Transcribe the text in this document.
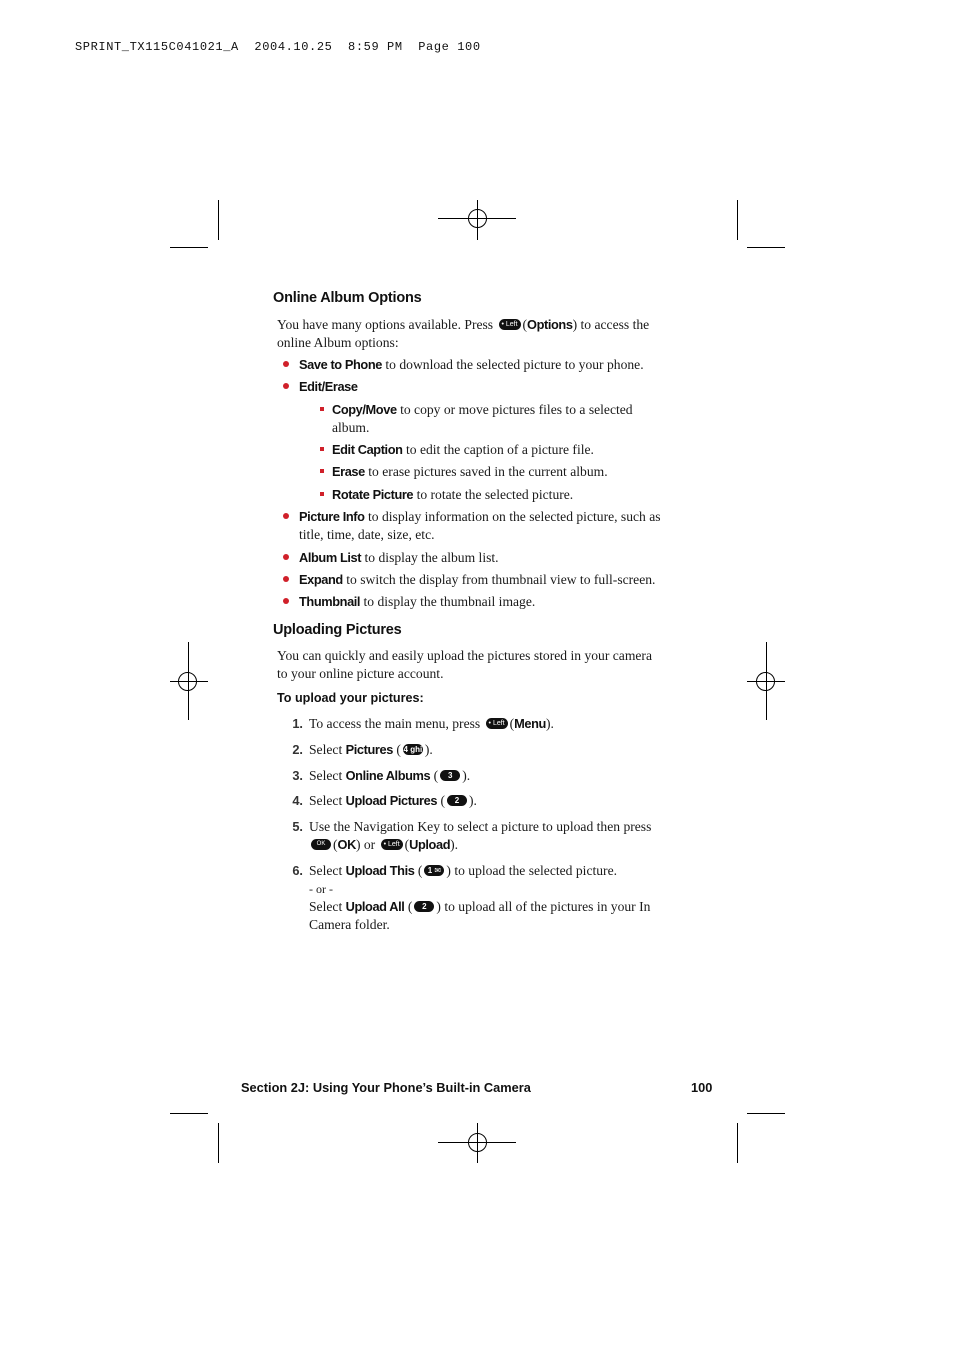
SPRINT_TX115C041021_A  2004.10.25  8:59 PM  Page 100
Online Album Options
You have many options available. Press • Left (Options) to access the
online Album options:
Save to Phone to download the selected picture to your phone.
Edit/Erase
Copy/Move to copy or move pictures files to a selected
album.
Edit Caption to edit the caption of a picture file.
Erase to erase pictures saved in the current album.
Rotate Picture to rotate the selected picture.
Picture Info to display information on the selected picture, such as
title, time, date, size, etc.
Album List to display the album list.
Expand to switch the display from thumbnail view to full-screen.
Thumbnail to display the thumbnail image.
Uploading Pictures
You can quickly and easily upload the pictures stored in your camera
to your online picture account.
To upload your pictures:
1. To access the main menu, press • Left (Menu).
2. Select Pictures ( 4 ghi ).
3. Select Online Albums ( 3 DEF).
4. Select Upload Pictures ( 2 ABC).
5. Use the Navigation Key to select a picture to upload then press
OK (OK) or • Left (Upload).
6. Select Upload This ( 1 ✉ ) to upload the selected picture.
- or -
Select Upload All ( 2 ABC) to upload all of the pictures in your In
Camera folder.
Section 2J: Using Your Phone’s Built-in Camera	100
